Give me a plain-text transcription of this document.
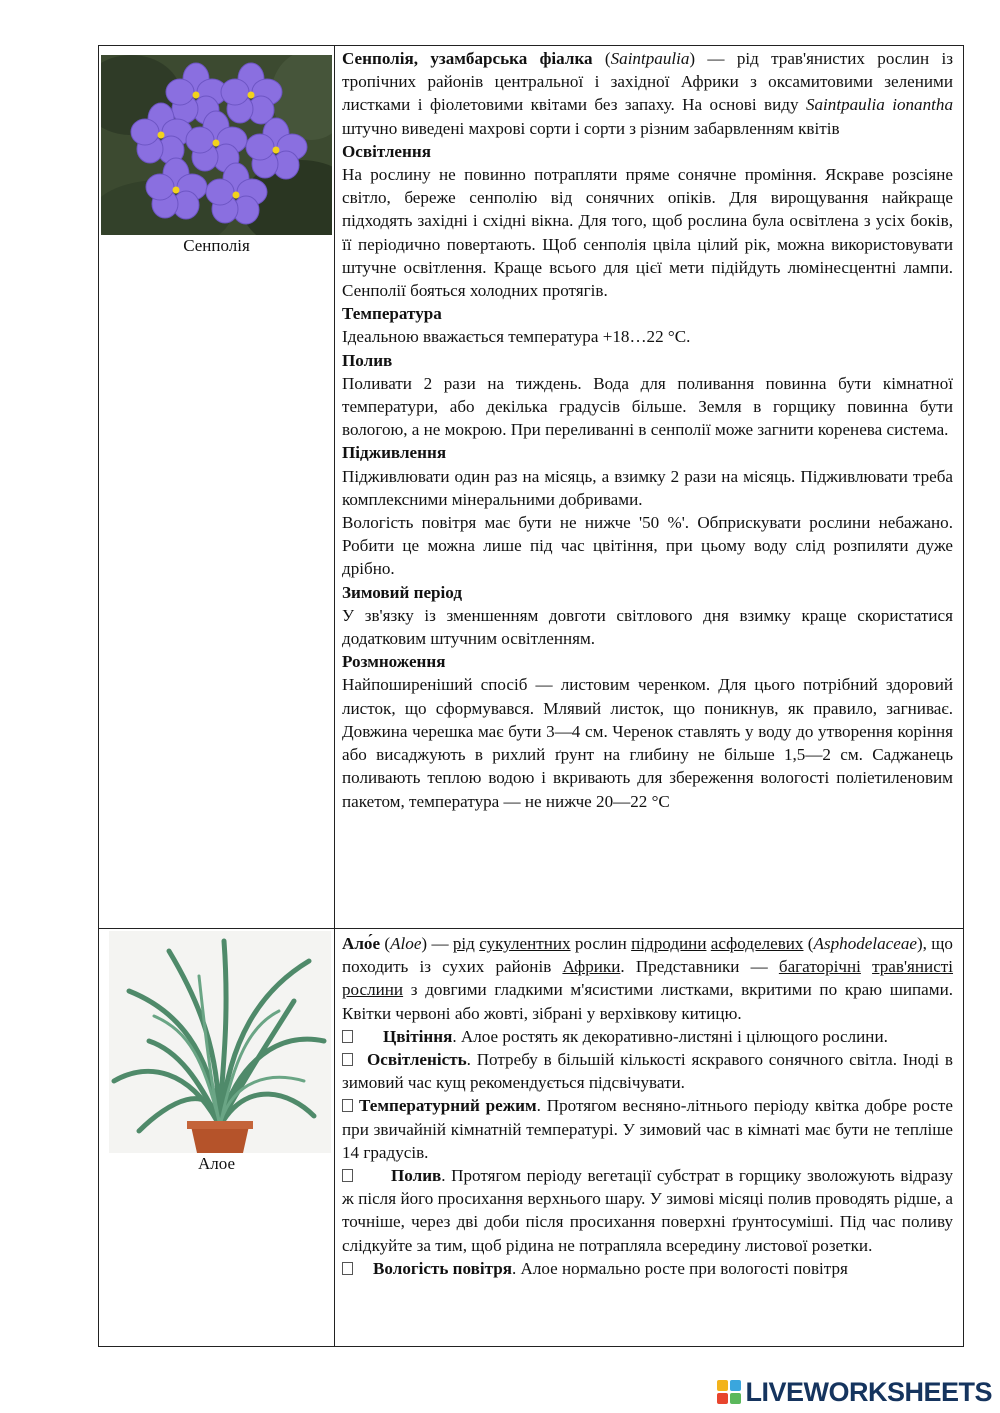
Сенполія

Сенполія, узамбарська фіалка (Saintpaulia) — рід трав'янистих рослин із тропічних районів центральної і західної Африки з оксамитовими зеленими листками і фіолетовими квітами без запаху. На основі виду Saintpaulia ionantha штучно виведені махрові сорти і сорти з різним забарвленням квітів

Освітлення

На рослину не повинно потрапляти пряме сонячне проміння. Яскраве розсіяне світло, береже сенполію від сонячних опіків. Для вирощування найкраще підходять західні і східні вікна. Для того, щоб рослина була освітлена з усіх боків, її періодично повертають. Щоб сенполія цвіла цілий рік, можна використовувати штучне освітлення. Краще всього для цієї мети підійдуть люмінесцентні лампи. Сенполії бояться холодних протягів.

Температура

Ідеальною вважається температура +18…22 °С.

Полив

Поливати 2 рази на тиждень. Вода для поливання повинна бути кімнатної температури, або декілька градусів більше. Земля в горщику повинна бути вологою, а не мокрою. При переливанні в сенполії може загнити коренева система.

Підживлення

Підживлювати один раз на місяць, а взимку 2 рази на місяць. Підживлювати треба комплексними мінеральними добривами.

Вологість повітря має бути не нижче '50 %'. Обприскувати рослини небажано. Робити це можна лише під час цвітіння, при цьому воду слід розпиляти дуже дрібно.

Зимовий період

У зв'язку із зменшенням довготи світлового дня взимку краще скористатися додатковим штучним освітленням.

Розмноження

Найпоширеніший спосіб — листовим черенком. Для цього потрібний здоровий листок, що сформувався. Млявий листок, що поникнув, як правило, загниває. Довжина черешка має бути 3—4 см. Черенок ставлять у воду до утворення коріння або висаджують в рихлий ґрунт на глибину не більше 1,5—2 см. Саджанець поливають теплою водою і вкривають для збереження вологості поліетиленовим пакетом, температура — не нижче 20—22 °С

Алое

Ало́е (Aloe) — рід сукулентних рослин підродини асфоделевих (Asphodelaceae), що походить із сухих районів Африки. Представники — багаторічні трав'янисті рослини з довгими гладкими м'ясистими листками, вкритими по краю шипами. Квітки червоні або жовті, зібрані у верхівкову китицю.

Цвітіння. Алое ростять як декоративно-листяні і цілющого рослини.

Освітленість. Потребу в більшій кількості яскравого сонячного світла. Іноді в зимовий час кущ рекомендується підсвічувати.

Температурний режим. Протягом весняно-літнього періоду квітка добре росте при звичайній кімнатній температурі. У зимовий час в кімнаті має бути не тепліше 14 градусів.

Полив. Протягом періоду вегетації субстрат в горщику зволожують відразу ж після його просихання верхнього шару. У зимові місяці полив проводять рідше, а точніше, через дві доби після просихання поверхні ґрунтосуміші. Під час поливу слідкуйте за тим, щоб рідина не потрапляла всередину листової розетки.

Вологість повітря. Алое нормально росте при вологості повітря

LIVEWORKSHEETS
